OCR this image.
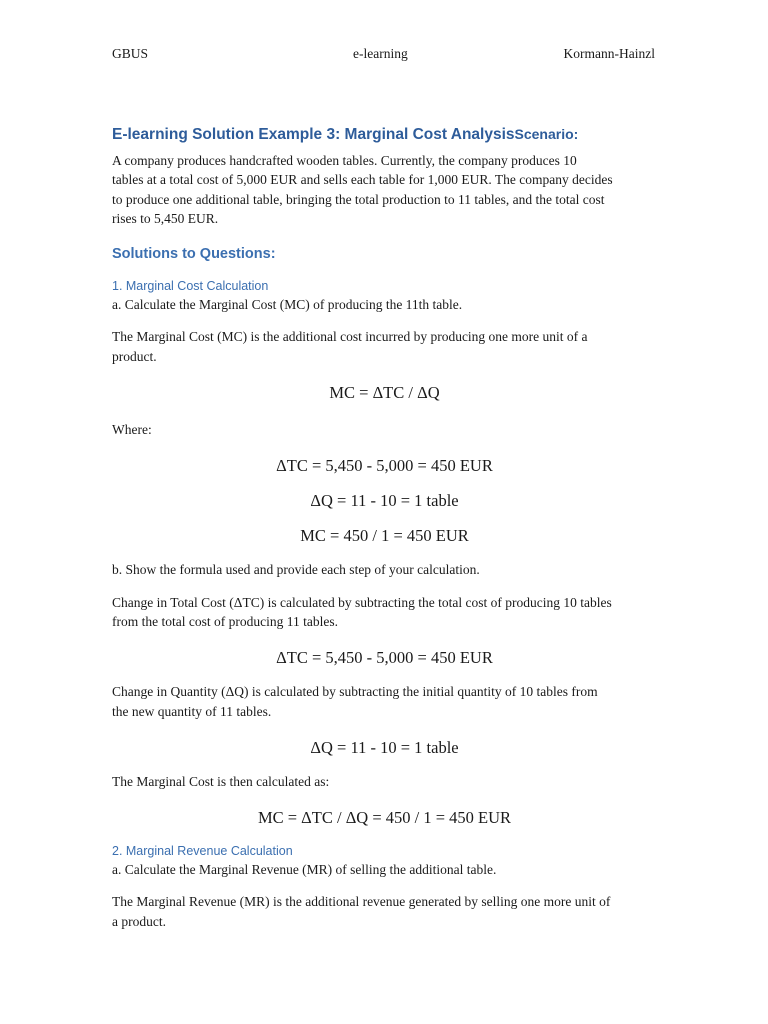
GBUS	e-learning	Kormann-Hainzl
E-learning Solution Example 3: Marginal Cost AnalysisScenario:

A company produces handcrafted wooden tables. Currently, the company produces 10
tables at a total cost of 5,000 EUR and sells each table for 1,000 EUR. The company decides
to produce one additional table, bringing the total production to 11 tables, and the total cost
rises to 5,450 EUR.

Solutions to Questions:
1. Marginal Cost Calculation

a. Calculate the Marginal Cost (MC) of producing the 11th table.

The Marginal Cost (MC) is the additional cost incurred by producing one more unit of a
product.

MC = ΔTC / ΔQ

Where:

ΔTC = 5,450 - 5,000 = 450 EUR

ΔQ = 11 - 10 = 1 table

MC = 450 / 1 = 450 EUR

b. Show the formula used and provide each step of your calculation.

Change in Total Cost (ΔTC) is calculated by subtracting the total cost of producing 10 tables
from the total cost of producing 11 tables.

ΔTC = 5,450 - 5,000 = 450 EUR

Change in Quantity (ΔQ) is calculated by subtracting the initial quantity of 10 tables from
the new quantity of 11 tables.

ΔQ = 11 - 10 = 1 table

The Marginal Cost is then calculated as:

MC = ΔTC / ΔQ = 450 / 1 = 450 EUR

2. Marginal Revenue Calculation

a. Calculate the Marginal Revenue (MR) of selling the additional table.

The Marginal Revenue (MR) is the additional revenue generated by selling one more unit of
a product.
